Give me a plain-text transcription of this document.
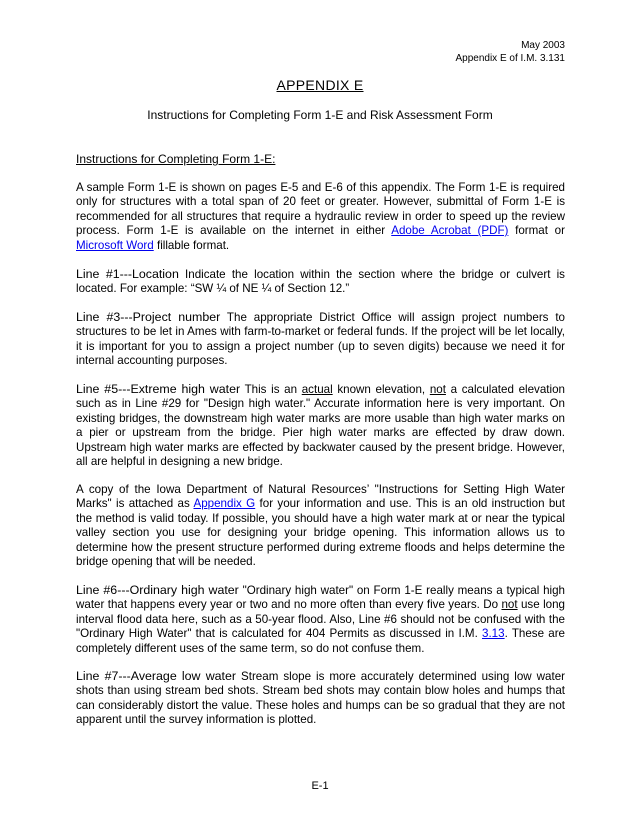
May 2003
Appendix E of I.M. 3.131
APPENDIX E
Instructions for Completing Form 1-E and Risk Assessment Form
Instructions for Completing Form 1-E:

A sample Form 1-E is shown on pages E-5 and E-6 of this appendix. The Form 1-E is required only for structures with a total span of 20 feet or greater. However, submittal of Form 1-E is recommended for all structures that require a hydraulic review in order to speed up the review process. Form 1-E is available on the internet in either Adobe Acrobat (PDF) format or Microsoft Word fillable format.

Line #1---Location Indicate the location within the section where the bridge or culvert is located. For example: “SW ¼ of NE ¼ of Section 12.”

Line #3---Project number The appropriate District Office will assign project numbers to structures to be let in Ames with farm-to-market or federal funds. If the project will be let locally, it is important for you to assign a project number (up to seven digits) because we need it for internal accounting purposes.

Line #5---Extreme high water This is an actual known elevation, not a calculated elevation such as in Line #29 for "Design high water." Accurate information here is very important. On existing bridges, the downstream high water marks are more usable than high water marks on a pier or upstream from the bridge. Pier high water marks are effected by draw down. Upstream high water marks are effected by backwater caused by the present bridge. However, all are helpful in designing a new bridge.

A copy of the Iowa Department of Natural Resources’ "Instructions for Setting High Water Marks" is attached as Appendix G for your information and use. This is an old instruction but the method is valid today. If possible, you should have a high water mark at or near the typical valley section you use for designing your bridge opening. This information allows us to determine how the present structure performed during extreme floods and helps determine the bridge opening that will be needed.

Line #6---Ordinary high water "Ordinary high water" on Form 1-E really means a typical high water that happens every year or two and no more often than every five years. Do not use long interval flood data here, such as a 50-year flood. Also, Line #6 should not be confused with the "Ordinary High Water" that is calculated for 404 Permits as discussed in I.M. 3.13. These are completely different uses of the same term, so do not confuse them.

Line #7---Average low water Stream slope is more accurately determined using low water shots than using stream bed shots. Stream bed shots may contain blow holes and humps that can considerably distort the value. These holes and humps can be so gradual that they are not apparent until the survey information is plotted.

E-1
